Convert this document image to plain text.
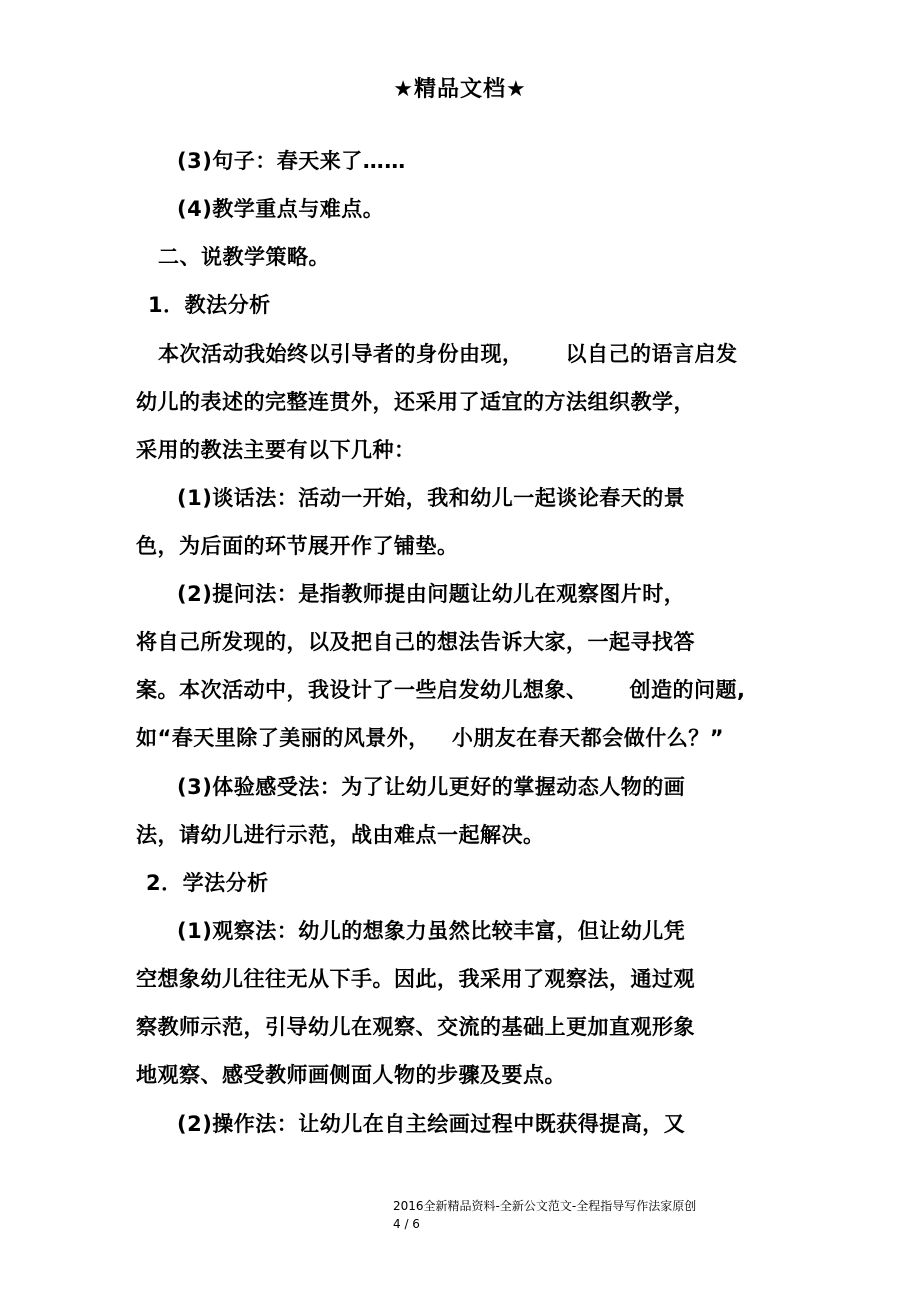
★精品文档★
(3)句子：春天来了……
(4)教学重点与难点。
二、说教学策略。
1．教法分析
本次活动我始终以引导者的身份由现， 以自己的语言启发
幼儿的表述的完整连贯外，还采用了适宜的方法组织教学，
采用的教法主要有以下几种：
(1)谈话法：活动一开始，我和幼儿一起谈论春天的景
色，为后面的环节展开作了铺垫。
(2)提问法：是指教师提由问题让幼儿在观察图片时，
将自己所发现的，以及把自己的想法告诉大家，一起寻找答
案。本次活动中，我设计了一些启发幼儿想象、 创造的问题,
如“春天里除了美丽的风景外， 小朋友在春天都会做什么？”
(3)体验感受法：为了让幼儿更好的掌握动态人物的画
法，请幼儿进行示范，战由难点一起解决。
2．学法分析
(1)观察法：幼儿的想象力虽然比较丰富，但让幼儿凭
空想象幼儿往往无从下手。因此，我采用了观察法，通过观
察教师示范，引导幼儿在观察、交流的基础上更加直观形象
地观察、感受教师画侧面人物的步骤及要点。
(2)操作法：让幼儿在自主绘画过程中既获得提高，又
2016全新精品资料-全新公文范文-全程指导写作法家原创
4 / 6
